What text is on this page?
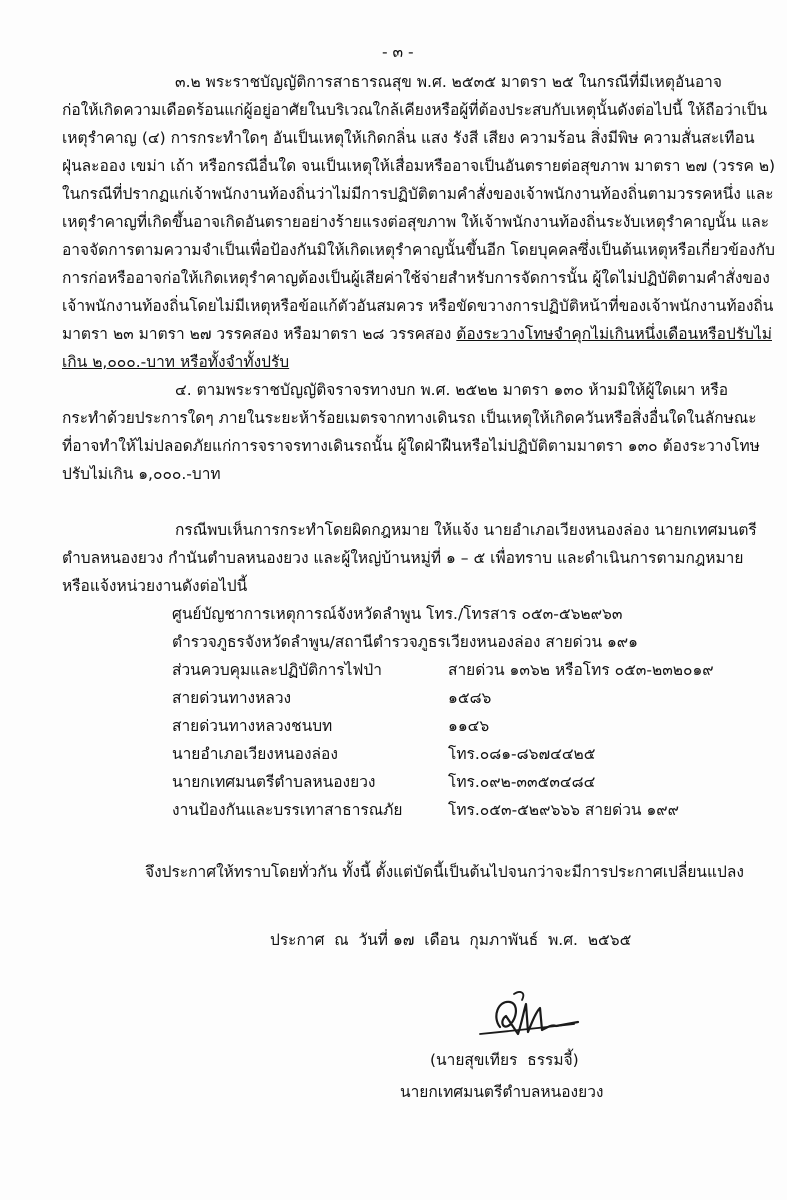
- ๓ -
๓.๒ พระราชบัญญัติการสาธารณสุข พ.ศ. ๒๕๓๕ มาตรา ๒๕ ในกรณีที่มีเหตุอันอาจ
ก่อให้เกิดความเดือดร้อนแก่ผู้อยู่อาศัยในบริเวณใกล้เคียงหรือผู้ที่ต้องประสบกับเหตุนั้นดังต่อไปนี้ ให้ถือว่าเป็น
เหตุรำคาญ (๔) การกระทำใดๆ อันเป็นเหตุให้เกิดกลิ่น แสง รังสี เสียง ความร้อน สิ่งมีพิษ ความสั่นสะเทือน
ฝุ่นละออง เขม่า เถ้า หรือกรณีอื่นใด จนเป็นเหตุให้เสื่อมหรืออาจเป็นอันตรายต่อสุขภาพ มาตรา ๒๗ (วรรค ๒)
ในกรณีที่ปรากฏแก่เจ้าพนักงานท้องถิ่นว่าไม่มีการปฏิบัติตามคำสั่งของเจ้าพนักงานท้องถิ่นตามวรรคหนึ่ง และ
เหตุรำคาญที่เกิดขึ้นอาจเกิดอันตรายอย่างร้ายแรงต่อสุขภาพ ให้เจ้าพนักงานท้องถิ่นระงับเหตุรำคาญนั้น และ
อาจจัดการตามความจำเป็นเพื่อป้องกันมิให้เกิดเหตุรำคาญนั้นขึ้นอีก โดยบุคคลซึ่งเป็นต้นเหตุหรือเกี่ยวข้องกับ
การก่อหรืออาจก่อให้เกิดเหตุรำคาญต้องเป็นผู้เสียค่าใช้จ่ายสำหรับการจัดการนั้น ผู้ใดไม่ปฏิบัติตามคำสั่งของ
เจ้าพนักงานท้องถิ่นโดยไม่มีเหตุหรือข้อแก้ตัวอันสมควร หรือขัดขวางการปฏิบัติหน้าที่ของเจ้าพนักงานท้องถิ่น
มาตรา ๒๓ มาตรา ๒๗ วรรคสอง หรือมาตรา ๒๘ วรรคสอง ต้องระวางโทษจำคุกไม่เกินหนึ่งเดือนหรือปรับไม่
เกิน ๒,๐๐๐.-บาท หรือทั้งจำทั้งปรับ
๔. ตามพระราชบัญญัติจราจรทางบก พ.ศ. ๒๕๒๒ มาตรา ๑๓๐ ห้ามมิให้ผู้ใดเผา หรือ
กระทำด้วยประการใดๆ ภายในระยะห้าร้อยเมตรจากทางเดินรถ เป็นเหตุให้เกิดควันหรือสิ่งอื่นใดในลักษณะ
ที่อาจทำให้ไม่ปลอดภัยแก่การจราจรทางเดินรถนั้น ผู้ใดฝ่าฝืนหรือไม่ปฏิบัติตามมาตรา ๑๓๐ ต้องระวางโทษ
ปรับไม่เกิน ๑,๐๐๐.-บาท
กรณีพบเห็นการกระทำโดยผิดกฎหมาย ให้แจ้ง นายอำเภอเวียงหนองล่อง นายกเทศมนตรี
ตำบลหนองยวง กำนันตำบลหนองยวง และผู้ใหญ่บ้านหมู่ที่ ๑ – ๕ เพื่อทราบ และดำเนินการตามกฎหมาย
หรือแจ้งหน่วยงานดังต่อไปนี้
ศูนย์บัญชาการเหตุการณ์จังหวัดลำพูน โทร./โทรสาร ๐๕๓-๕๖๒๙๖๓
ตำรวจภูธรจังหวัดลำพูน/สถานีตำรวจภูธรเวียงหนองล่อง สายด่วน ๑๙๑
ส่วนควบคุมและปฏิบัติการไฟป่า	สายด่วน ๑๓๖๒ หรือโทร ๐๕๓-๒๓๒๐๑๙
สายด่วนทางหลวง	๑๕๘๖
สายด่วนทางหลวงชนบท	๑๑๔๖
นายอำเภอเวียงหนองล่อง	โทร.๐๘๑-๘๖๗๔๔๒๕
นายกเทศมนตรีตำบลหนองยวง	โทร.๐๙๒-๓๓๕๓๔๘๔
งานป้องกันและบรรเทาสาธารณภัย	โทร.๐๕๓-๕๒๙๖๖๖ สายด่วน ๑๙๙
จึงประกาศให้ทราบโดยทั่วกัน ทั้งนี้ ตั้งแต่บัดนี้เป็นต้นไปจนกว่าจะมีการประกาศเปลี่ยนแปลง
ประกาศ  ณ  วันที่ ๑๗  เดือน  กุมภาพันธ์  พ.ศ.  ๒๕๖๕
(นายสุขเทียร  ธรรมจี้)
นายกเทศมนตรีตำบลหนองยวง
